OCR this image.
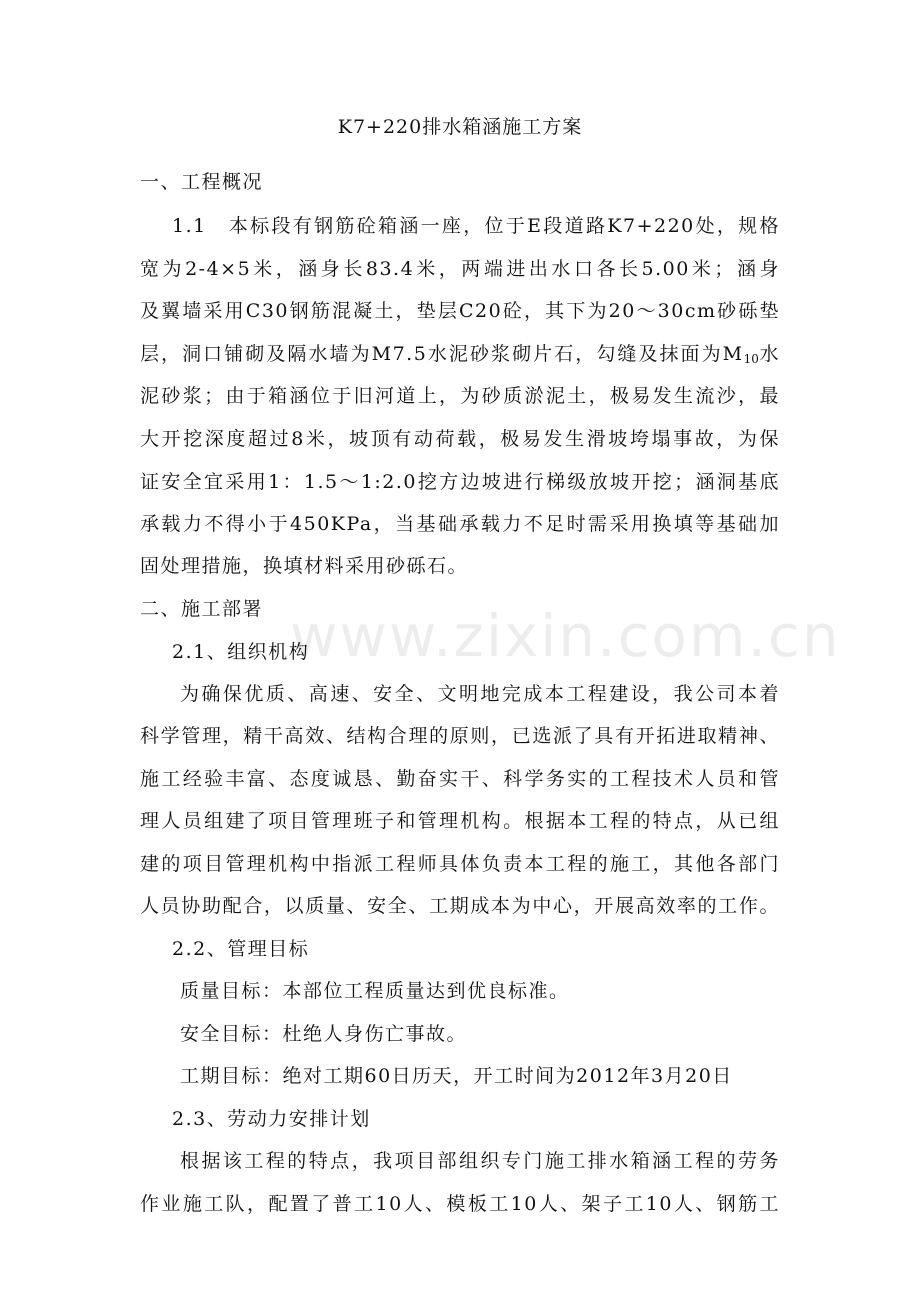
www.zixin.com.cn
K7+220排水箱涵施工方案
一、工程概况
1.1　本标段有钢筋砼箱涵一座，位于E段道路K7+220处，规格
宽为2-4×5米，涵身长83.4米，两端进出水口各长5.00米；涵身
及翼墙采用C30钢筋混凝土，垫层C20砼，其下为20～30cm砂砾垫
层，洞口铺砌及隔水墙为M7.5水泥砂浆砌片石，勾缝及抹面为$M_{10}$水
泥砂浆；由于箱涵位于旧河道上，为砂质淤泥土，极易发生流沙，最
大开挖深度超过8米，坡顶有动荷载，极易发生滑坡垮塌事故，为保
证安全宜采用1：1.5～1:2.0挖方边坡进行梯级放坡开挖；涵洞基底
承载力不得小于450KPa，当基础承载力不足时需采用换填等基础加
固处理措施，换填材料采用砂砾石。
二、施工部署
2.1、组织机构
为确保优质、高速、安全、文明地完成本工程建设，我公司本着
科学管理，精干高效、结构合理的原则，已选派了具有开拓进取精神、
施工经验丰富、态度诚恳、勤奋实干、科学务实的工程技术人员和管
理人员组建了项目管理班子和管理机构。根据本工程的特点，从已组
建的项目管理机构中指派工程师具体负责本工程的施工，其他各部门
人员协助配合，以质量、安全、工期成本为中心，开展高效率的工作。
2.2、管理目标
质量目标：本部位工程质量达到优良标准。
安全目标：杜绝人身伤亡事故。
工期目标：绝对工期60日历天，开工时间为2012年3月20日
2.3、劳动力安排计划
根据该工程的特点，我项目部组织专门施工排水箱涵工程的劳务
作业施工队，配置了普工10人、模板工10人、架子工10人、钢筋工
